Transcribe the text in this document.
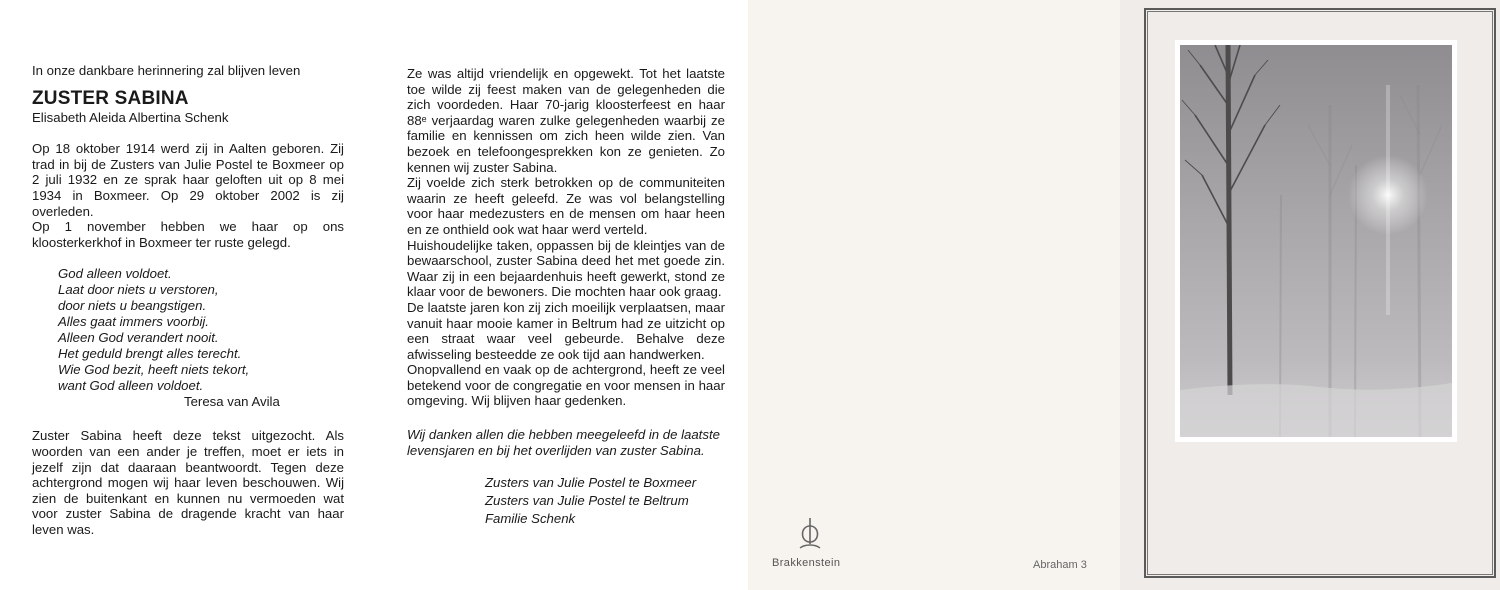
In onze dankbare herinnering zal blijven leven

ZUSTER SABINA

Elisabeth Aleida Albertina Schenk

Op 18 oktober 1914 werd zij in Aalten geboren. Zij trad in bij de Zusters van Julie Postel te Boxmeer op 2 juli 1932 en ze sprak haar geloften uit op 8 mei 1934 in Boxmeer. Op 29 oktober 2002 is zij overleden.

Op 1 november hebben we haar op ons kloosterkerkhof in Boxmeer ter ruste gelegd.

God alleen voldoet.

Laat door niets u verstoren,

door niets u beangstigen.

Alles gaat immers voorbij.

Alleen God verandert nooit.

Het geduld brengt alles terecht.

Wie God bezit, heeft niets tekort,

want God alleen voldoet.

Teresa van Avila

Zuster Sabina heeft deze tekst uitgezocht. Als woorden van een ander je treffen, moet er iets in jezelf zijn dat daaraan beantwoordt. Tegen deze achtergrond mogen wij haar leven beschouwen. Wij zien de buitenkant en kunnen nu vermoeden wat voor zuster Sabina de dragende kracht van haar leven was.

Ze was altijd vriendelijk en opgewekt. Tot het laatste toe wilde zij feest maken van de gelegenheden die zich voordeden. Haar 70-jarig kloosterfeest en haar 88ᵉ verjaardag waren zulke gelegenheden waarbij ze familie en kennissen om zich heen wilde zien. Van bezoek en telefoongesprekken kon ze genieten. Zo kennen wij zuster Sabina.

Zij voelde zich sterk betrokken op de communiteiten waarin ze heeft geleefd. Ze was vol belangstelling voor haar medezusters en de mensen om haar heen en ze onthield ook wat haar werd verteld.

Huishoudelijke taken, oppassen bij de kleintjes van de bewaarschool, zuster Sabina deed het met goede zin. Waar zij in een bejaardenhuis heeft gewerkt, stond ze klaar voor de bewoners. Die mochten haar ook graag.

De laatste jaren kon zij zich moeilijk verplaatsen, maar vanuit haar mooie kamer in Beltrum had ze uitzicht op een straat waar veel gebeurde. Behalve deze afwisseling besteedde ze ook tijd aan handwerken.

Onopvallend en vaak op de achtergrond, heeft ze veel betekend voor de congregatie en voor mensen in haar omgeving. Wij blijven haar gedenken.

Wij danken allen die hebben meegeleefd in de laatste levensjaren en bij het overlijden van zuster Sabina.

Zusters van Julie Postel te Boxmeer

Zusters van Julie Postel te Beltrum

Familie Schenk

Brakkenstein	Abraham 3
